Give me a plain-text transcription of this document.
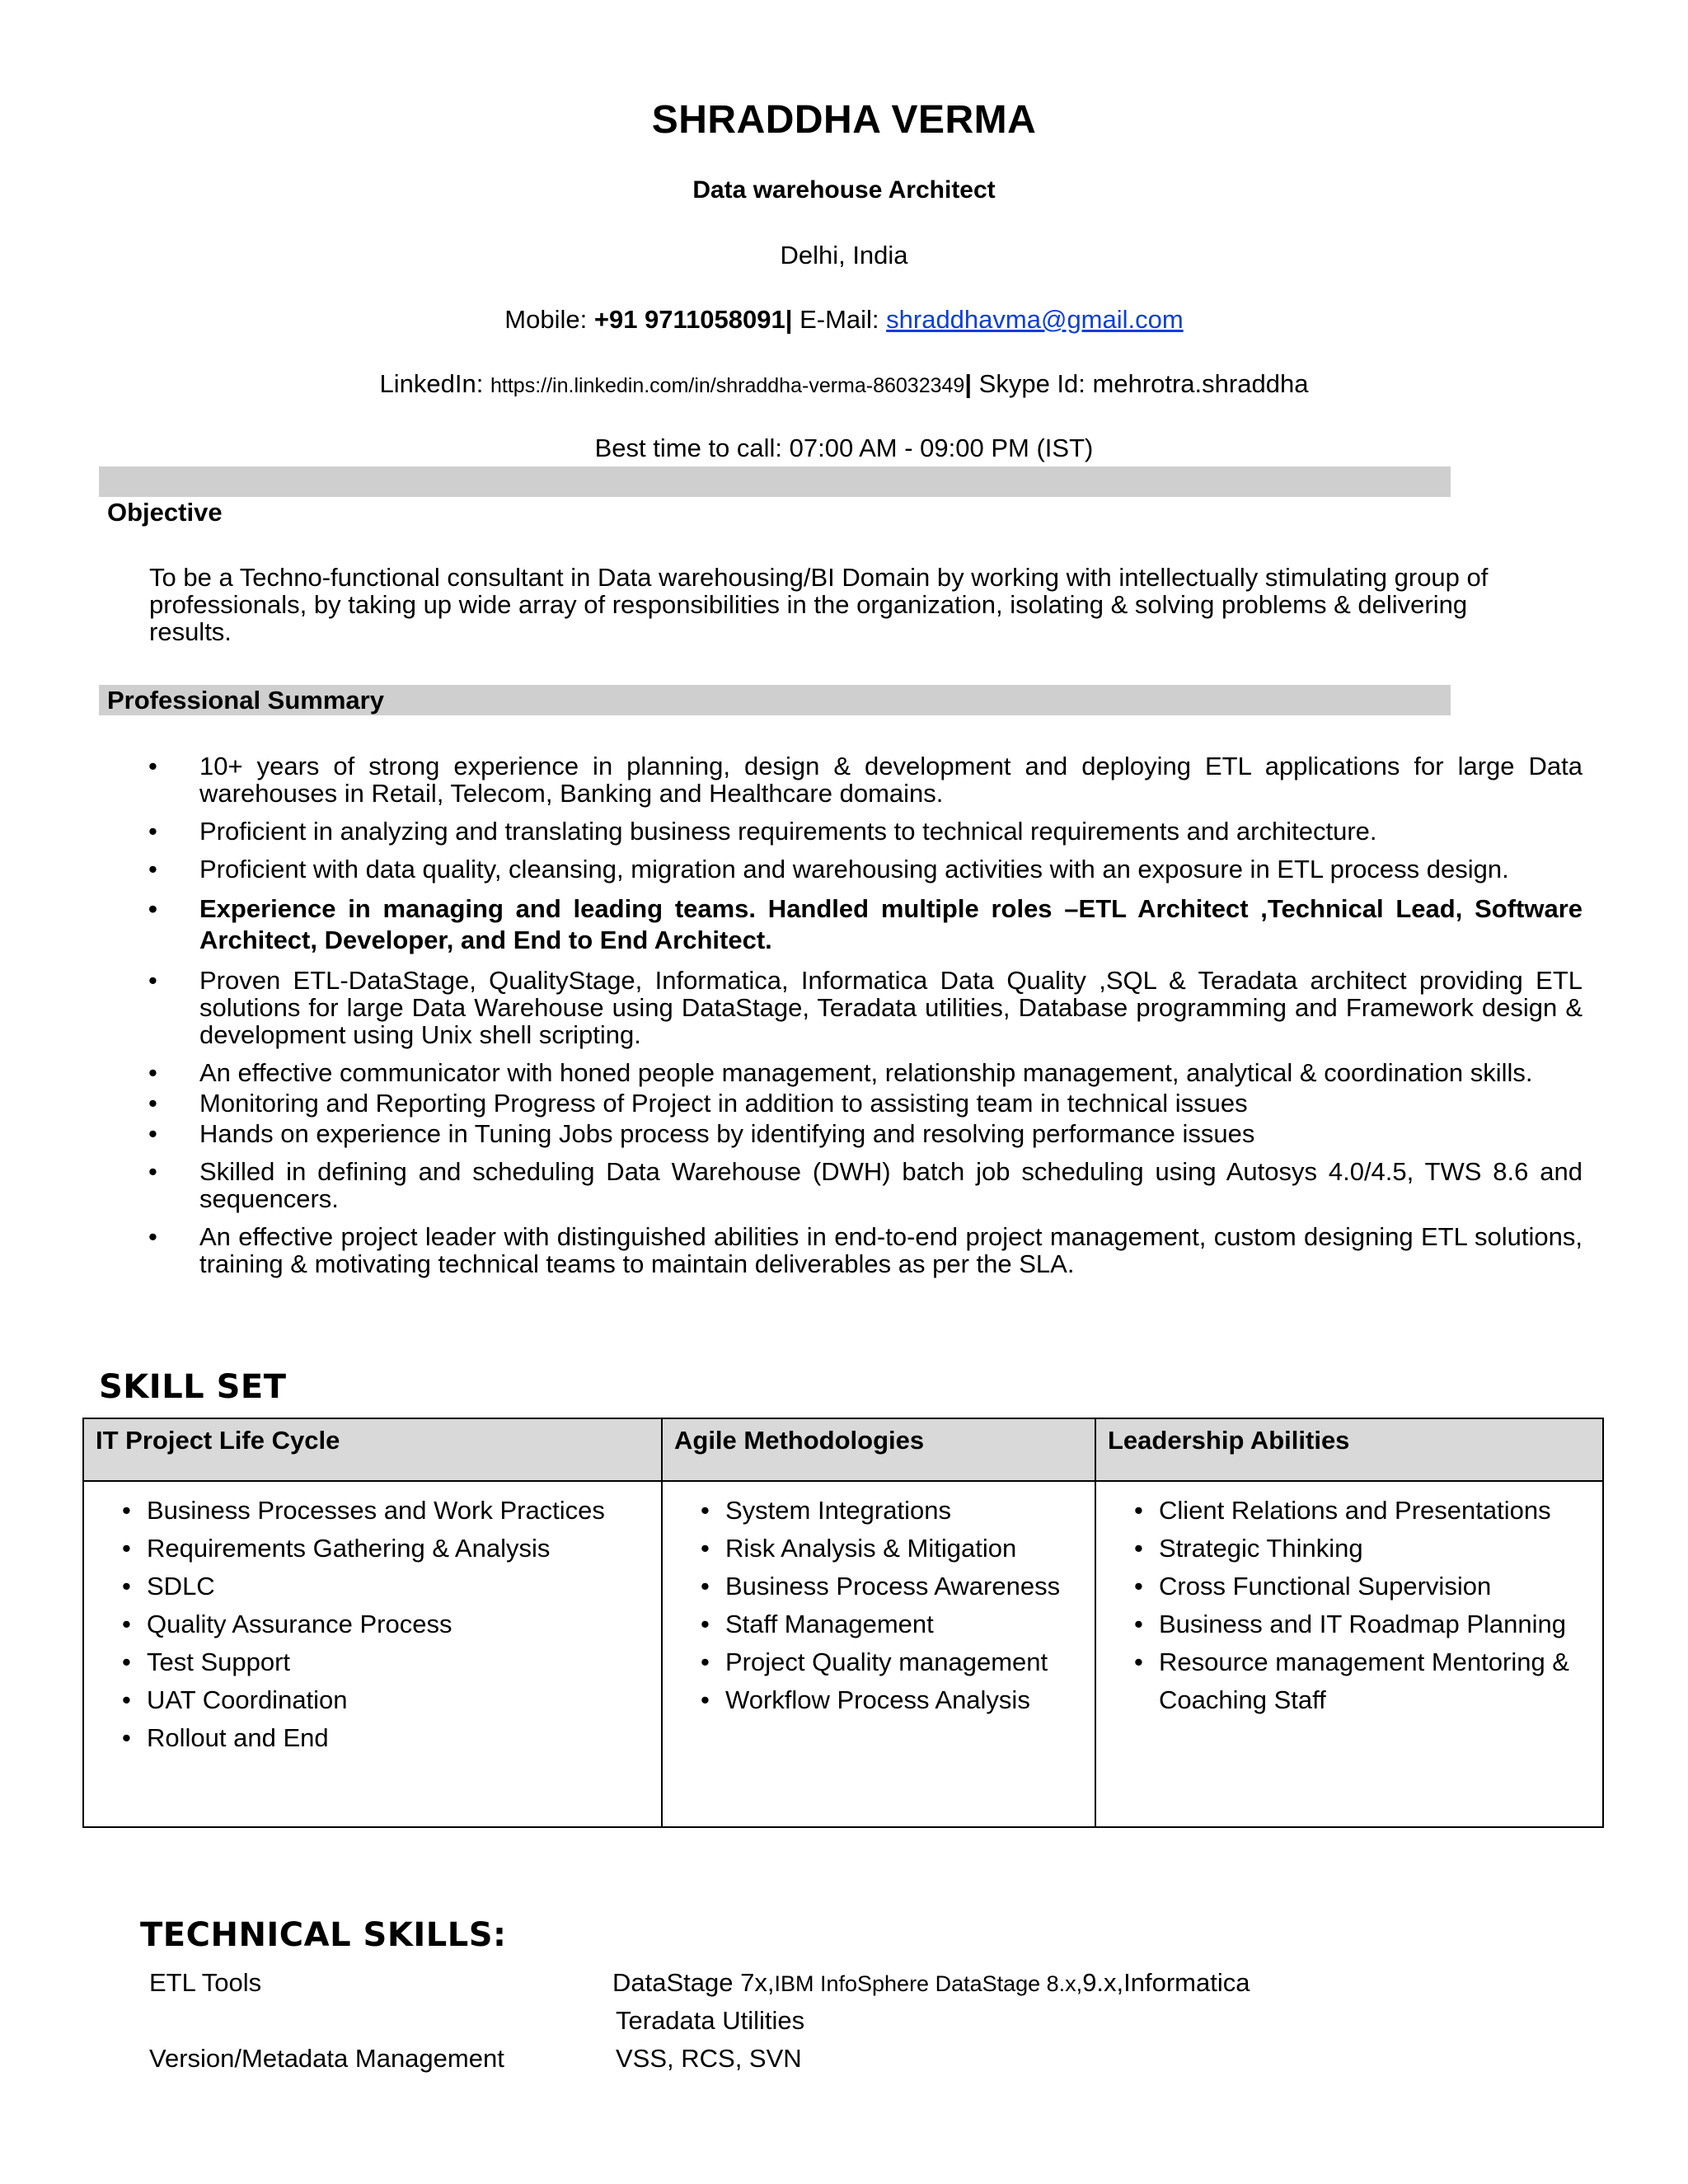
SHRADDHA VERMA
Data warehouse Architect
Delhi, India
Mobile: +91 9711058091| E-Mail: shraddhavma@gmail.com
LinkedIn: https://in.linkedin.com/in/shraddha-verma-86032349| Skype Id: mehrotra.shraddha
Best time to call: 07:00 AM - 09:00 PM (IST)
Objective
To be a Techno-functional consultant in Data warehousing/BI Domain by working with intellectually stimulating group of professionals, by taking up wide array of responsibilities in the organization, isolating & solving problems & delivering results.
Professional Summary
• 10+ years of strong experience in planning, design & development and deploying ETL applications for large Data warehouses in Retail, Telecom, Banking and Healthcare domains.
• Proficient in analyzing and translating business requirements to technical requirements and architecture.
• Proficient with data quality, cleansing, migration and warehousing activities with an exposure in ETL process design.
• Experience in managing and leading teams. Handled multiple roles –ETL Architect ,Technical Lead, Software Architect, Developer, and End to End Architect.
• Proven ETL-DataStage, QualityStage, Informatica, Informatica Data Quality ,SQL & Teradata architect providing ETL solutions for large Data Warehouse using DataStage, Teradata utilities, Database programming and Framework design & development using Unix shell scripting.
• An effective communicator with honed people management, relationship management, analytical & coordination skills.
• Monitoring and Reporting Progress of Project in addition to assisting team in technical issues
• Hands on experience in Tuning Jobs process by identifying and resolving performance issues
• Skilled in defining and scheduling Data Warehouse (DWH) batch job scheduling using Autosys 4.0/4.5, TWS 8.6 and sequencers.
• An effective project leader with distinguished abilities in end-to-end project management, custom designing ETL solutions, training & motivating technical teams to maintain deliverables as per the SLA.
SKILL SET
IT Project Life Cycle
• Business Processes and Work Practices
• Requirements Gathering & Analysis
• SDLC
• Quality Assurance Process
• Test Support
• UAT Coordination
• Rollout and End
Agile Methodologies
• System Integrations
• Risk Analysis & Mitigation
• Business Process Awareness
• Staff Management
• Project Quality management
• Workflow Process Analysis
Leadership Abilities
• Client Relations and Presentations
• Strategic Thinking
• Cross Functional Supervision
• Business and IT Roadmap Planning
• Resource management Mentoring & Coaching Staff
TECHNICAL SKILLS:
ETL Tools	DataStage 7x,IBM InfoSphere DataStage 8.x,9.x,Informatica
Teradata Utilities
Version/Metadata Management	VSS, RCS, SVN
